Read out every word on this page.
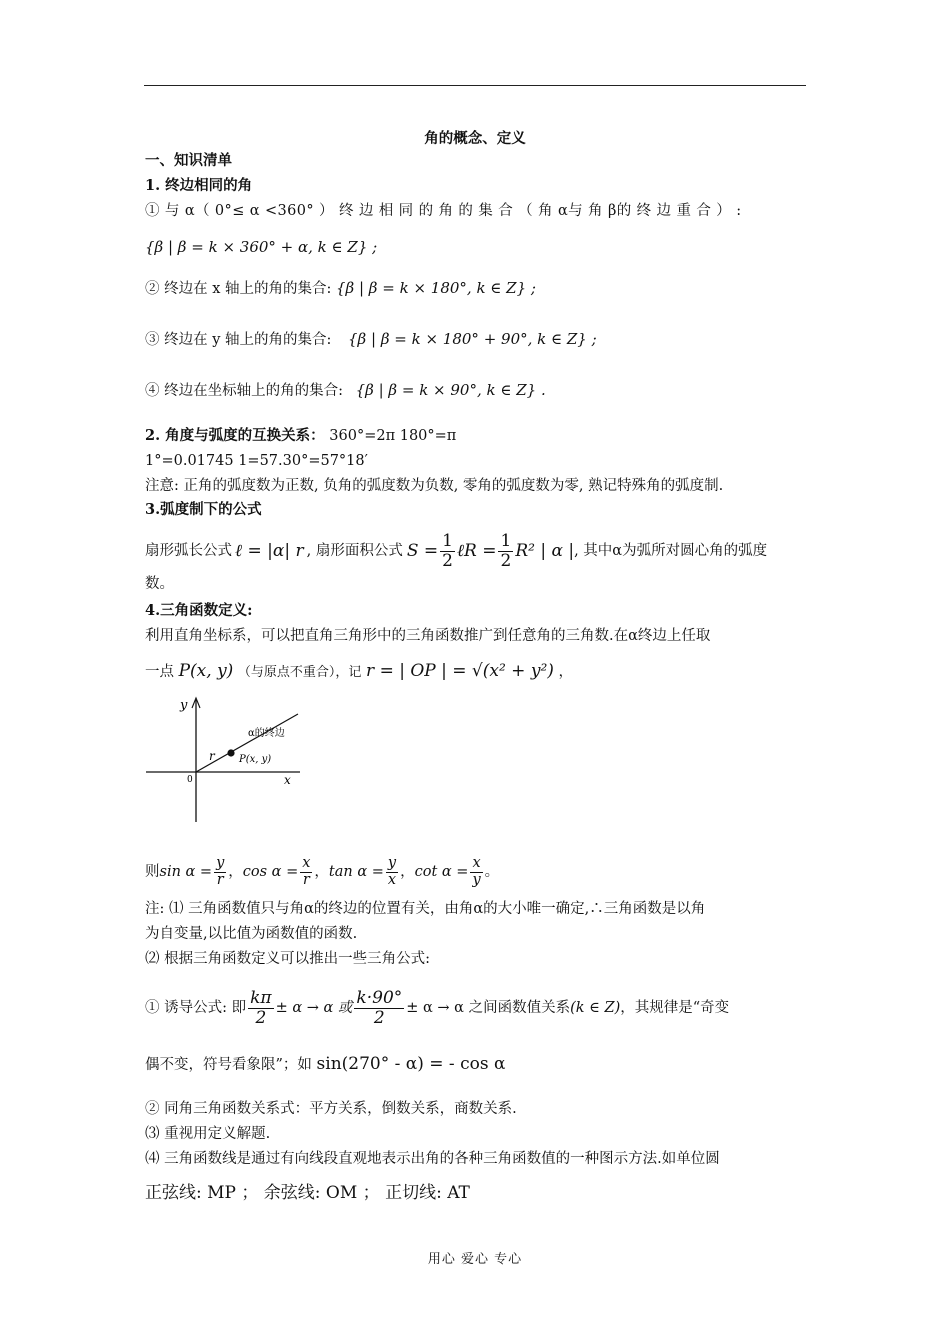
角的概念、定义
一、知识清单
1. 终边相同的角
① 与 α（ 0°≤ α <360° ） 终 边 相 同 的 角 的 集 合 （ 角 α与 角 β的 终 边 重 合 ） :
{β | β = k × 360° + α, k ∈ Z} ;
② 终边在 x 轴上的角的集合: {β | β = k × 180°, k ∈ Z} ;
③ 终边在 y 轴上的角的集合: {β | β = k × 180° + 90°, k ∈ Z} ;
④ 终边在坐标轴上的角的集合: {β | β = k × 90°, k ∈ Z} .
2. 角度与弧度的互换关系： 360°=2π 180°=π
1°=0.01745 1=57.30°=57°18′
注意: 正角的弧度数为正数, 负角的弧度数为负数, 零角的弧度数为零, 熟记特殊角的弧度制.
3.弧度制下的公式
扇形弧长公式 ℓ = |α| r , 扇形面积公式 $S = \frac{1}{2}$ ℓR = $\frac{1}{2} R^2$ | α | , 其中α为弧所对圆心角的弧度
数。
4.三角函数定义:
利用直角坐标系，可以把直角三角形中的三角函数推广到任意角的三角数.在α终边上任取
一点 P(x, y) （与原点不重合），记 r = | OP | = √(x² + y²) ，
y
x
0
r P(x, y)
α的终边
则 $\sin \alpha = \frac{y}{r}$ ， $\cos \alpha = \frac{x}{r}$ ， $\tan \alpha = \frac{y}{x}$ ， $\cot \alpha = \frac{x}{y}$ 。
注: ⑴ 三角函数值只与角α的终边的位置有关，由角α的大小唯一确定,∴三角函数是以角
为自变量,以比值为函数值的函数.
⑵ 根据三角函数定义可以推出一些三角公式:
① 诱导公式: 即 $\frac{k\pi}{2} \pm \alpha \to \alpha$ 或 $\frac{k\cdot 90^\circ}{2} \pm \alpha \to \alpha$ 之间函数值关系 (k ∈ Z) ，其规律是“奇变
偶不变，符号看象限”；如 sin(270° - α) = - cos α
② 同角三角函数关系式：平方关系，倒数关系，商数关系.
⑶ 重视用定义解题.
⑷ 三角函数线是通过有向线段直观地表示出角的各种三角函数值的一种图示方法.如单位圆
正弦线: MP ； 余弦线: OM ； 正切线: AT
用心 爱心 专心
